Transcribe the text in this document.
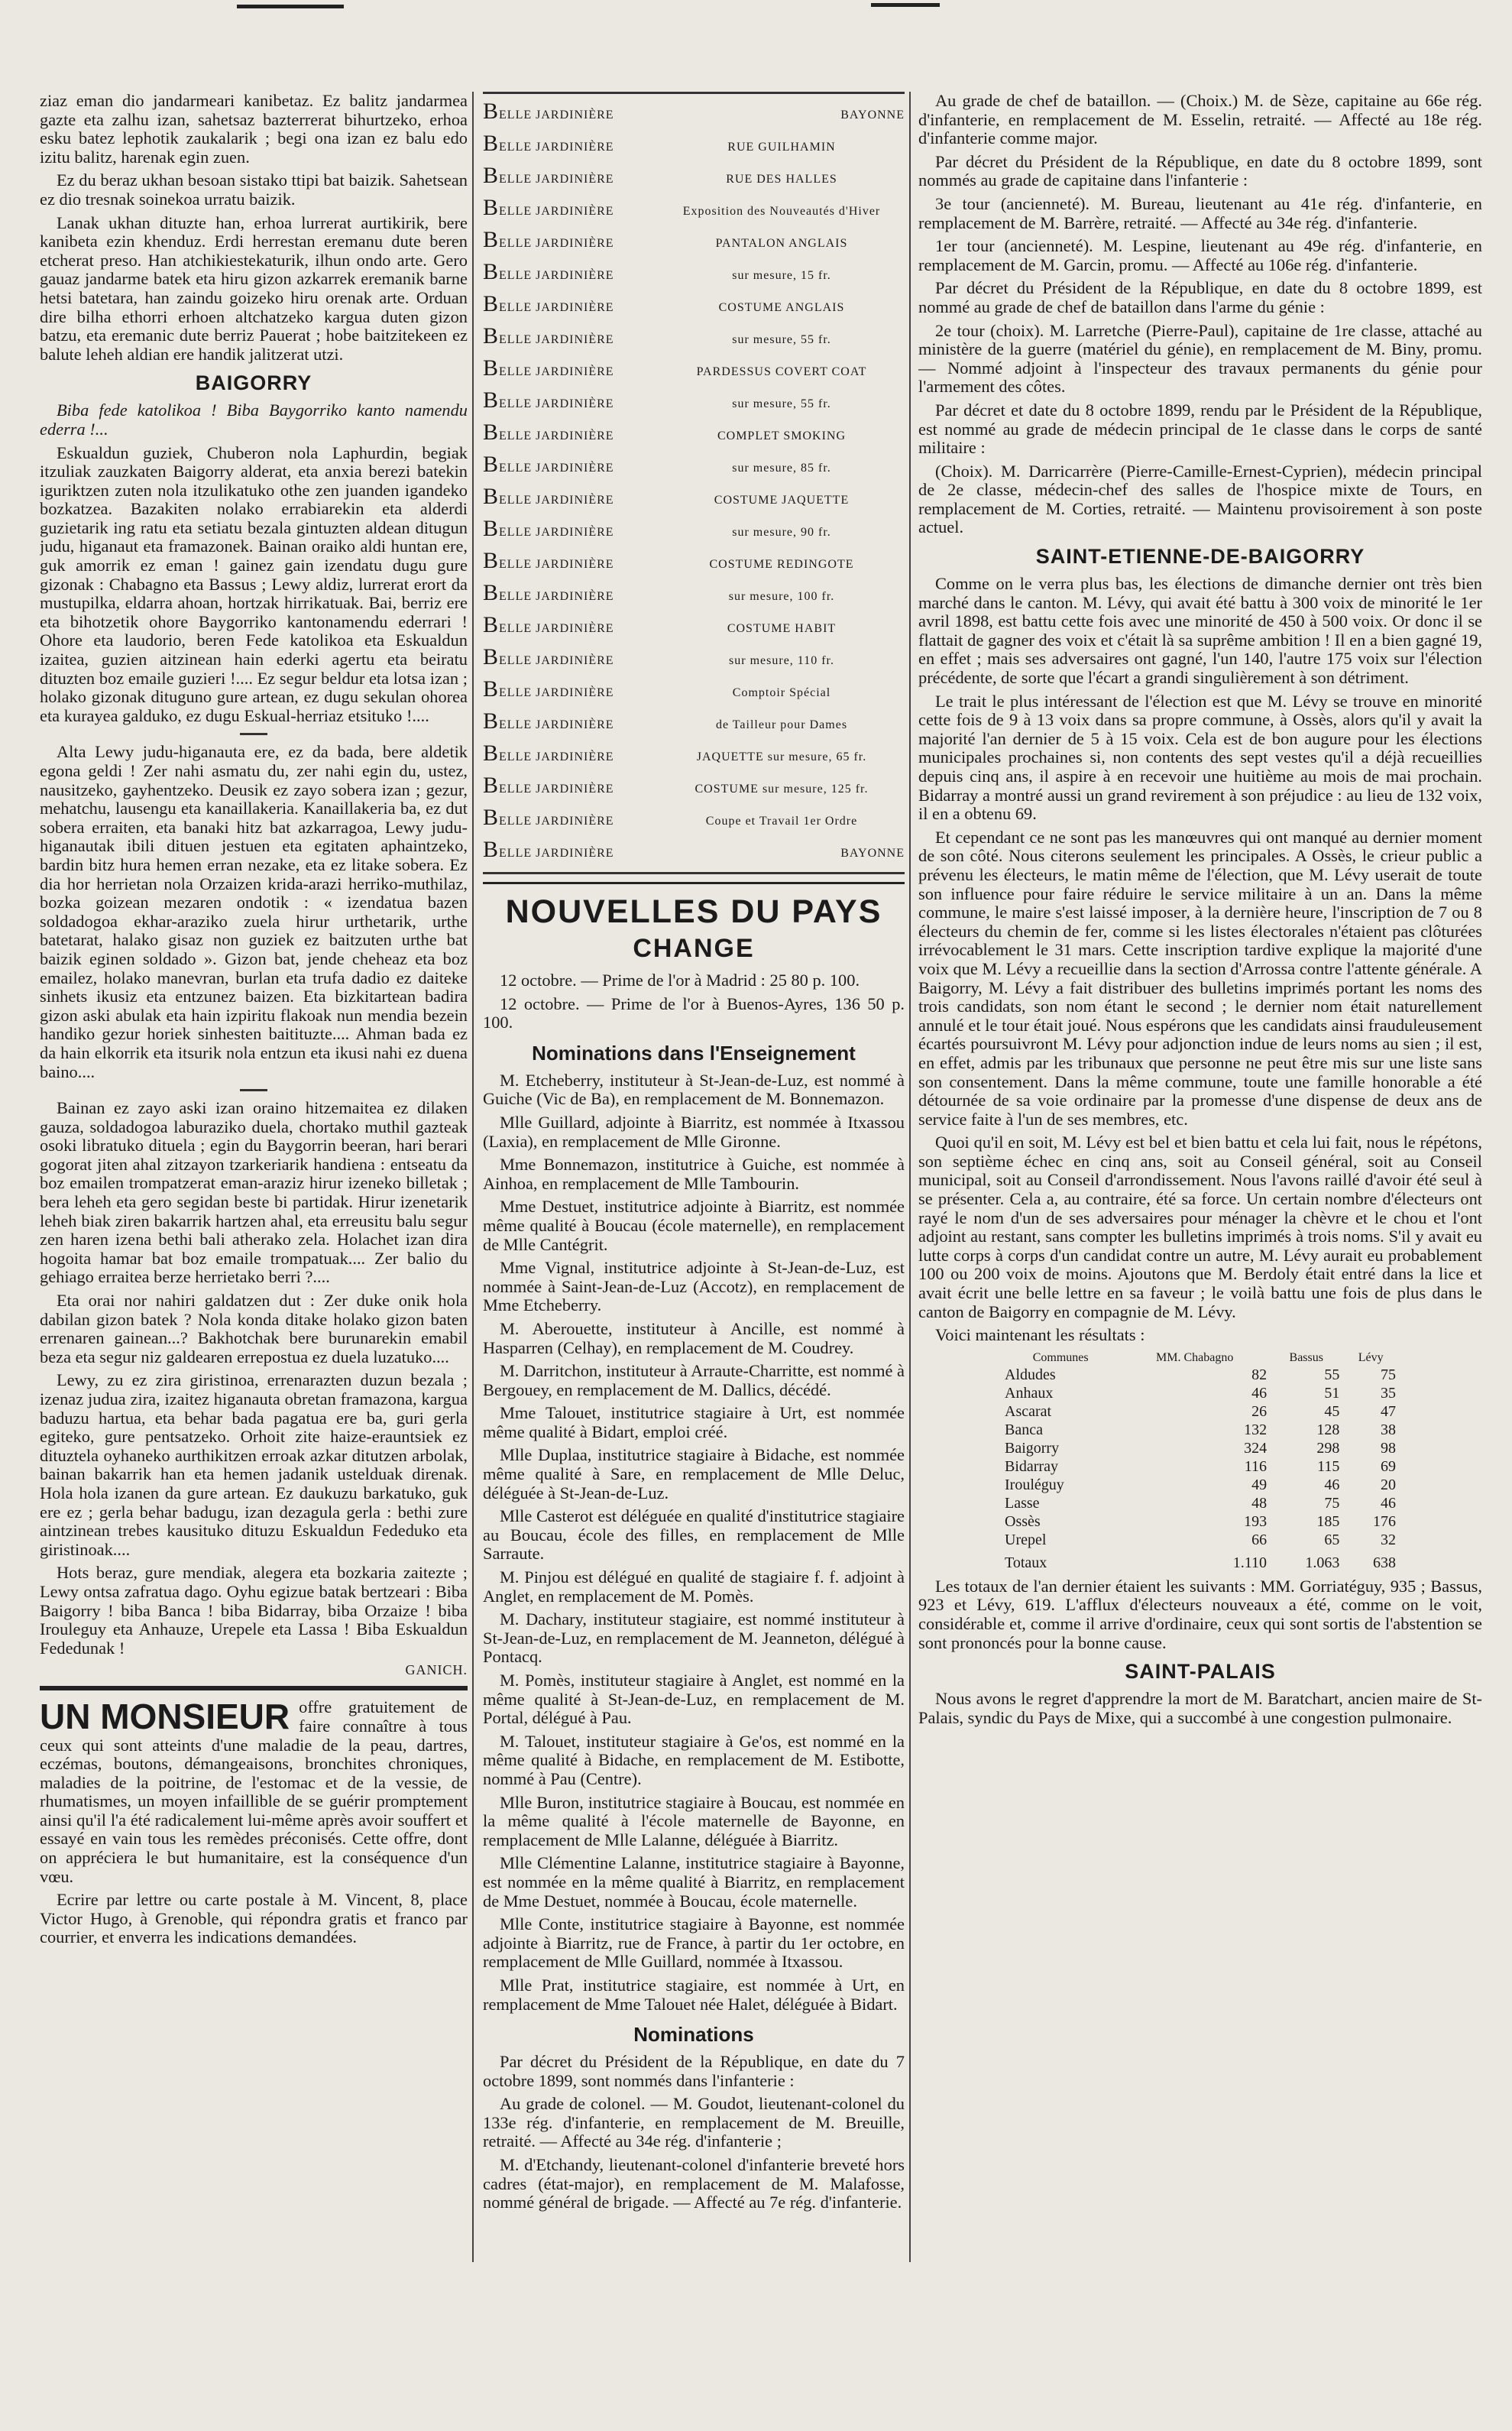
ziaz eman dio jandarmeari kanibetaz. Ez balitz jandarmea gazte eta zalhu izan, sahetsaz bazterrerat bihurtzeko, erhoa esku batez lephotik zaukalarik ; begi ona izan ez balu edo izitu balitz, harenak egin zuen.

Ez du beraz ukhan besoan sistako ttipi bat baizik. Sahetsean ez dio tresnak soinekoa urratu baizik.

Lanak ukhan dituzte han, erhoa lurrerat aurtikirik, bere kanibeta ezin khenduz. Erdi herrestan eremanu dute beren etcherat preso. Han atchikiestekaturik, ilhun ondo arte. Gero gauaz jandarme batek eta hiru gizon azkarrek eremanik barne hetsi batetara, han zaindu goizeko hiru orenak arte. Orduan dire bilha ethorri erhoen altchatzeko kargua duten gizon batzu, eta eremanic dute berriz Pauerat ; hobe baitzitekeen ez balute leheh aldian ere handik jalitzerat utzi.

BAIGORRY

Biba fede katolikoa ! Biba Baygorriko kanto namendu ederra !...

Eskualdun guziek, Chuberon nola Laphurdin, begiak itzuliak zauzkaten Baigorry alderat, eta anxia berezi batekin iguriktzen zuten nola itzulikatuko othe zen juanden igandeko bozkatzea. Bazakiten nolako errabiarekin eta alderdi guzietarik ing ratu eta setiatu bezala gintuzten aldean ditugun judu, higanaut eta framazonek. Bainan oraiko aldi huntan ere, guk amorrik ez eman ! gainez gain izendatu dugu gure gizonak : Chabagno eta Bassus ; Lewy aldiz, lurrerat erort da mustupilka, eldarra ahoan, hortzak hirrikatuak. Bai, berriz ere eta bihotzetik ohore Baygorriko kantonamendu ederrari ! Ohore eta laudorio, beren Fede katolikoa eta Eskualdun izaitea, guzien aitzinean hain ederki agertu eta beiratu dituzten boz emaile guzieri !.... Ez segur beldur eta lotsa izan ; holako gizonak dituguno gure artean, ez dugu sekulan ohorea eta kurayea galduko, ez dugu Eskual-herriaz etsituko !....

Alta Lewy judu-higanauta ere, ez da bada, bere aldetik egona geldi ! Zer nahi asmatu du, zer nahi egin du, ustez, nausitzeko, gayhentzeko. Deusik ez zayo sobera izan ; gezur, mehatchu, lausengu eta kanaillakeria. Kanaillakeria ba, ez dut sobera erraiten, eta banaki hitz bat azkarragoa, Lewy judu-higanautak ibili dituen jestuen eta egitaten aphaintzeko, bardin bitz hura hemen erran nezake, eta ez litake sobera. Ez dia hor herrietan nola Orzaizen krida-arazi herriko-muthilaz, bozka goizean mezaren ondotik : « izendatua bazen soldadogoa ekhar-araziko zuela hirur urthetarik, urthe batetarat, halako gisaz non guziek ez baitzuten urthe bat baizik eginen soldado ». Gizon bat, jende cheheaz eta boz emailez, holako manevran, burlan eta trufa dadio ez daiteke sinhets ikusiz eta entzunez baizen. Eta bizkitartean badira gizon aski abulak eta hain izpiritu flakoak nun mendia bezein handiko gezur horiek sinhesten baitituzte.... Ahman bada ez da hain elkorrik eta itsurik nola entzun eta ikusi nahi ez duena baino....

Bainan ez zayo aski izan oraino hitzemaitea ez dilaken gauza, soldadogoa laburaziko duela, chortako muthil gazteak osoki libratuko dituela ; egin du Baygorrin beeran, hari berari gogorat jiten ahal zitzayon tzarkeriarik handiena : entseatu da boz emailen trompatzerat eman-araziz hirur izeneko billetak ; bera leheh eta gero segidan beste bi partidak. Hirur izenetarik leheh biak ziren bakarrik hartzen ahal, eta erreusitu balu segur zen haren izena bethi bali atherako zela. Holachet izan dira hogoita hamar bat boz emaile trompatuak.... Zer balio du gehiago erraitea berze herrietako berri ?....

Eta orai nor nahiri galdatzen dut : Zer duke onik hola dabilan gizon batek ? Nola konda ditake holako gizon baten errenaren gainean...? Bakhotchak bere burunarekin emabil beza eta segur niz galdearen errepostua ez duela luzatuko....

Lewy, zu ez zira giristinoa, errenarazten duzun bezala ; izenaz judua zira, izaitez higanauta obretan framazona, kargua baduzu hartua, eta behar bada pagatua ere ba, guri gerla egiteko, gure pentsatzeko. Orhoit zite haize-erauntsiek ez dituztela oyhaneko aurthikitzen erroak azkar ditutzen arbolak, bainan bakarrik han eta hemen jadanik ustelduak direnak. Hola hola izanen da gure artean. Ez daukuzu barkatuko, guk ere ez ; gerla behar badugu, izan dezagula gerla : bethi zure aintzinean trebes kausituko dituzu Eskualdun Fededuko eta giristinoak....

Hots beraz, gure mendiak, alegera eta bozkaria zaitezte ; Lewy ontsa zafratua dago. Oyhu egizue batak bertzeari : Biba Baigorry ! biba Banca ! biba Bidarray, biba Orzaize ! biba Irouleguy eta Anhauze, Urepele eta Lassa ! Biba Eskualdun Fededunak !

GANICH.
UN MONSIEUR offre gratuitement de faire connaître à tous ceux qui sont atteints d'une maladie de la peau, dartres, eczémas, boutons, démangeaisons, bronchites chroniques, maladies de la poitrine, de l'estomac et de la vessie, de rhumatismes, un moyen infaillible de se guérir promptement ainsi qu'il l'a été radicalement lui-même après avoir souffert et essayé en vain tous les remèdes préconisés. Cette offre, dont on appréciera le but humanitaire, est la conséquence d'un vœu.

Ecrire par lettre ou carte postale à M. Vincent, 8, place Victor Hugo, à Grenoble, qui répondra gratis et franco par courrier, et enverra les indications demandées.

BELLE JARDINIÈRE	BAYONNE
BELLE JARDINIÈRE	RUE GUILHAMIN
BELLE JARDINIÈRE	RUE DES HALLES
BELLE JARDINIÈRE	Exposition des Nouveautés d'Hiver
BELLE JARDINIÈRE	PANTALON ANGLAIS
BELLE JARDINIÈRE	sur mesure, 15 fr.
BELLE JARDINIÈRE	COSTUME ANGLAIS
BELLE JARDINIÈRE	sur mesure, 55 fr.
BELLE JARDINIÈRE	PARDESSUS COVERT COAT
BELLE JARDINIÈRE	sur mesure, 55 fr.
BELLE JARDINIÈRE	COMPLET SMOKING
BELLE JARDINIÈRE	sur mesure, 85 fr.
BELLE JARDINIÈRE	COSTUME JAQUETTE
BELLE JARDINIÈRE	sur mesure, 90 fr.
BELLE JARDINIÈRE	COSTUME REDINGOTE
BELLE JARDINIÈRE	sur mesure, 100 fr.
BELLE JARDINIÈRE	COSTUME HABIT
BELLE JARDINIÈRE	sur mesure, 110 fr.
BELLE JARDINIÈRE	Comptoir Spécial
BELLE JARDINIÈRE	de Tailleur pour Dames
BELLE JARDINIÈRE	JAQUETTE sur mesure, 65 fr.
BELLE JARDINIÈRE	COSTUME sur mesure, 125 fr.
BELLE JARDINIÈRE	Coupe et Travail 1er Ordre
BELLE JARDINIÈRE	BAYONNE
NOUVELLES DU PAYS
CHANGE

12 octobre. — Prime de l'or à Madrid : 25 80 p. 100.

12 octobre. — Prime de l'or à Buenos-Ayres, 136 50 p. 100.

Nominations dans l'Enseignement

M. Etcheberry, instituteur à St-Jean-de-Luz, est nommé à Guiche (Vic de Ba), en remplacement de M. Bonnemazon.

Mlle Guillard, adjointe à Biarritz, est nommée à Itxassou (Laxia), en remplacement de Mlle Gironne.

Mme Bonnemazon, institutrice à Guiche, est nommée à Ainhoa, en remplacement de Mlle Tambourin.

Mme Destuet, institutrice adjointe à Biarritz, est nommée même qualité à Boucau (école maternelle), en remplacement de Mlle Cantégrit.

Mme Vignal, institutrice adjointe à St-Jean-de-Luz, est nommée à Saint-Jean-de-Luz (Accotz), en remplacement de Mme Etcheberry.

M. Aberouette, instituteur à Ancille, est nommé à Hasparren (Celhay), en remplacement de M. Coudrey.

M. Darritchon, instituteur à Arraute-Charritte, est nommé à Bergouey, en remplacement de M. Dallics, décédé.

Mme Talouet, institutrice stagiaire à Urt, est nommée même qualité à Bidart, emploi créé.

Mlle Duplaa, institutrice stagiaire à Bidache, est nommée même qualité à Sare, en remplacement de Mlle Deluc, déléguée à St-Jean-de-Luz.

Mlle Casterot est déléguée en qualité d'institutrice stagiaire au Boucau, école des filles, en remplacement de Mlle Sarraute.

M. Pinjou est délégué en qualité de stagiaire f. f. adjoint à Anglet, en remplacement de M. Pomès.

M. Dachary, instituteur stagiaire, est nommé instituteur à St-Jean-de-Luz, en remplacement de M. Jeanneton, délégué à Pontacq.

M. Pomès, instituteur stagiaire à Anglet, est nommé en la même qualité à St-Jean-de-Luz, en remplacement de M. Portal, délégué à Pau.

M. Talouet, instituteur stagiaire à Ge'os, est nommé en la même qualité à Bidache, en remplacement de M. Estibotte, nommé à Pau (Centre).

Mlle Buron, institutrice stagiaire à Boucau, est nommée en la même qualité à l'école maternelle de Bayonne, en remplacement de Mlle Lalanne, déléguée à Biarritz.

Mlle Clémentine Lalanne, institutrice stagiaire à Bayonne, est nommée en la même qualité à Biarritz, en remplacement de Mme Destuet, nommée à Boucau, école maternelle.

Mlle Conte, institutrice stagiaire à Bayonne, est nommée adjointe à Biarritz, rue de France, à partir du 1er octobre, en remplacement de Mlle Guillard, nommée à Itxassou.

Mlle Prat, institutrice stagiaire, est nommée à Urt, en remplacement de Mme Talouet née Halet, déléguée à Bidart.

Nominations

Par décret du Président de la République, en date du 7 octobre 1899, sont nommés dans l'infanterie :

Au grade de colonel. — M. Goudot, lieutenant-colonel du 133e rég. d'infanterie, en remplacement de M. Breuille, retraité. — Affecté au 34e rég. d'infanterie ;

M. d'Etchandy, lieutenant-colonel d'infanterie breveté hors cadres (état-major), en remplacement de M. Malafosse, nommé général de brigade. — Affecté au 7e rég. d'infanterie.

Au grade de chef de bataillon. — (Choix.) M. de Sèze, capitaine au 66e rég. d'infanterie, en remplacement de M. Esselin, retraité. — Affecté au 18e rég. d'infanterie comme major.

Par décret du Président de la République, en date du 8 octobre 1899, sont nommés au grade de capitaine dans l'infanterie :

3e tour (ancienneté). M. Bureau, lieutenant au 41e rég. d'infanterie, en remplacement de M. Barrère, retraité. — Affecté au 34e rég. d'infanterie.

1er tour (ancienneté). M. Lespine, lieutenant au 49e rég. d'infanterie, en remplacement de M. Garcin, promu. — Affecté au 106e rég. d'infanterie.

Par décret du Président de la République, en date du 8 octobre 1899, est nommé au grade de chef de bataillon dans l'arme du génie :

2e tour (choix). M. Larretche (Pierre-Paul), capitaine de 1re classe, attaché au ministère de la guerre (matériel du génie), en remplacement de M. Biny, promu. — Nommé adjoint à l'inspecteur des travaux permanents du génie pour l'armement des côtes.

Par décret et date du 8 octobre 1899, rendu par le Président de la République, est nommé au grade de médecin principal de 1e classe dans le corps de santé militaire :

(Choix). M. Darricarrère (Pierre-Camille-Ernest-Cyprien), médecin principal de 2e classe, médecin-chef des salles de l'hospice mixte de Tours, en remplacement de M. Corties, retraité. — Maintenu provisoirement à son poste actuel.

SAINT-ETIENNE-DE-BAIGORRY

Comme on le verra plus bas, les élections de dimanche dernier ont très bien marché dans le canton. M. Lévy, qui avait été battu à 300 voix de minorité le 1er avril 1898, est battu cette fois avec une minorité de 450 à 500 voix. Or donc il se flattait de gagner des voix et c'était là sa suprême ambition ! Il en a bien gagné 19, en effet ; mais ses adversaires ont gagné, l'un 140, l'autre 175 voix sur l'élection précédente, de sorte que l'écart a grandi singulièrement à son détriment.

Le trait le plus intéressant de l'élection est que M. Lévy se trouve en minorité cette fois de 9 à 13 voix dans sa propre commune, à Ossès, alors qu'il y avait la majorité l'an dernier de 5 à 15 voix. Cela est de bon augure pour les élections municipales prochaines si, non contents des sept vestes qu'il a déjà recueillies depuis cinq ans, il aspire à en recevoir une huitième au mois de mai prochain. Bidarray a montré aussi un grand revirement à son préjudice : au lieu de 132 voix, il en a obtenu 69.

Et cependant ce ne sont pas les manœuvres qui ont manqué au dernier moment de son côté. Nous citerons seulement les principales. A Ossès, le crieur public a prévenu les électeurs, le matin même de l'élection, que M. Lévy userait de toute son influence pour faire réduire le service militaire à un an. Dans la même commune, le maire s'est laissé imposer, à la dernière heure, l'inscription de 7 ou 8 électeurs du chemin de fer, comme si les listes électorales n'étaient pas clôturées irrévocablement le 31 mars. Cette inscription tardive explique la majorité d'une voix que M. Lévy a recueillie dans la section d'Arrossa contre l'attente générale. A Baigorry, M. Lévy a fait distribuer des bulletins imprimés portant les noms des trois candidats, son nom étant le second ; le dernier nom était naturellement annulé et le tour était joué. Nous espérons que les candidats ainsi frauduleusement écartés poursuivront M. Lévy pour adjonction indue de leurs noms au sien ; il est, en effet, admis par les tribunaux que personne ne peut être mis sur une liste sans son consentement. Dans la même commune, toute une famille honorable a été détournée de sa voie ordinaire par la promesse d'une dispense de deux ans de service faite à l'un de ses membres, etc.

Quoi qu'il en soit, M. Lévy est bel et bien battu et cela lui fait, nous le répétons, son septième échec en cinq ans, soit au Conseil général, soit au Conseil municipal, soit au Conseil d'arrondissement. Nous l'avons raillé d'avoir été seul à se présenter. Cela a, au contraire, été sa force. Un certain nombre d'électeurs ont rayé le nom d'un de ses adversaires pour ménager la chèvre et le chou et l'ont adjoint au restant, sans compter les bulletins imprimés à trois noms. S'il y avait eu lutte corps à corps d'un candidat contre un autre, M. Lévy aurait eu probablement 100 ou 200 voix de moins. Ajoutons que M. Berdoly était entré dans la lice et avait écrit une belle lettre en sa faveur ; le voilà battu une fois de plus dans le canton de Baigorry en compagnie de M. Lévy.

Voici maintenant les résultats :

Communes	MM. Chabagno	Bassus	Lévy
Aldudes	82	55	75
Anhaux	46	51	35
Ascarat	26	45	47
Banca	132	128	38
Baigorry	324	298	98
Bidarray	116	115	69
Irouléguy	49	46	20
Lasse	48	75	46
Ossès	193	185	176
Urepel	66	65	32
Totaux	1.110	1.063	638

Les totaux de l'an dernier étaient les suivants : MM. Gorriatéguy, 935 ; Bassus, 923 et Lévy, 619. L'afflux d'électeurs nouveaux a été, comme on le voit, considérable et, comme il arrive d'ordinaire, ceux qui sont sortis de l'abstention se sont prononcés pour la bonne cause.

SAINT-PALAIS

Nous avons le regret d'apprendre la mort de M. Baratchart, ancien maire de St-Palais, syndic du Pays de Mixe, qui a succombé à une congestion pulmonaire.
